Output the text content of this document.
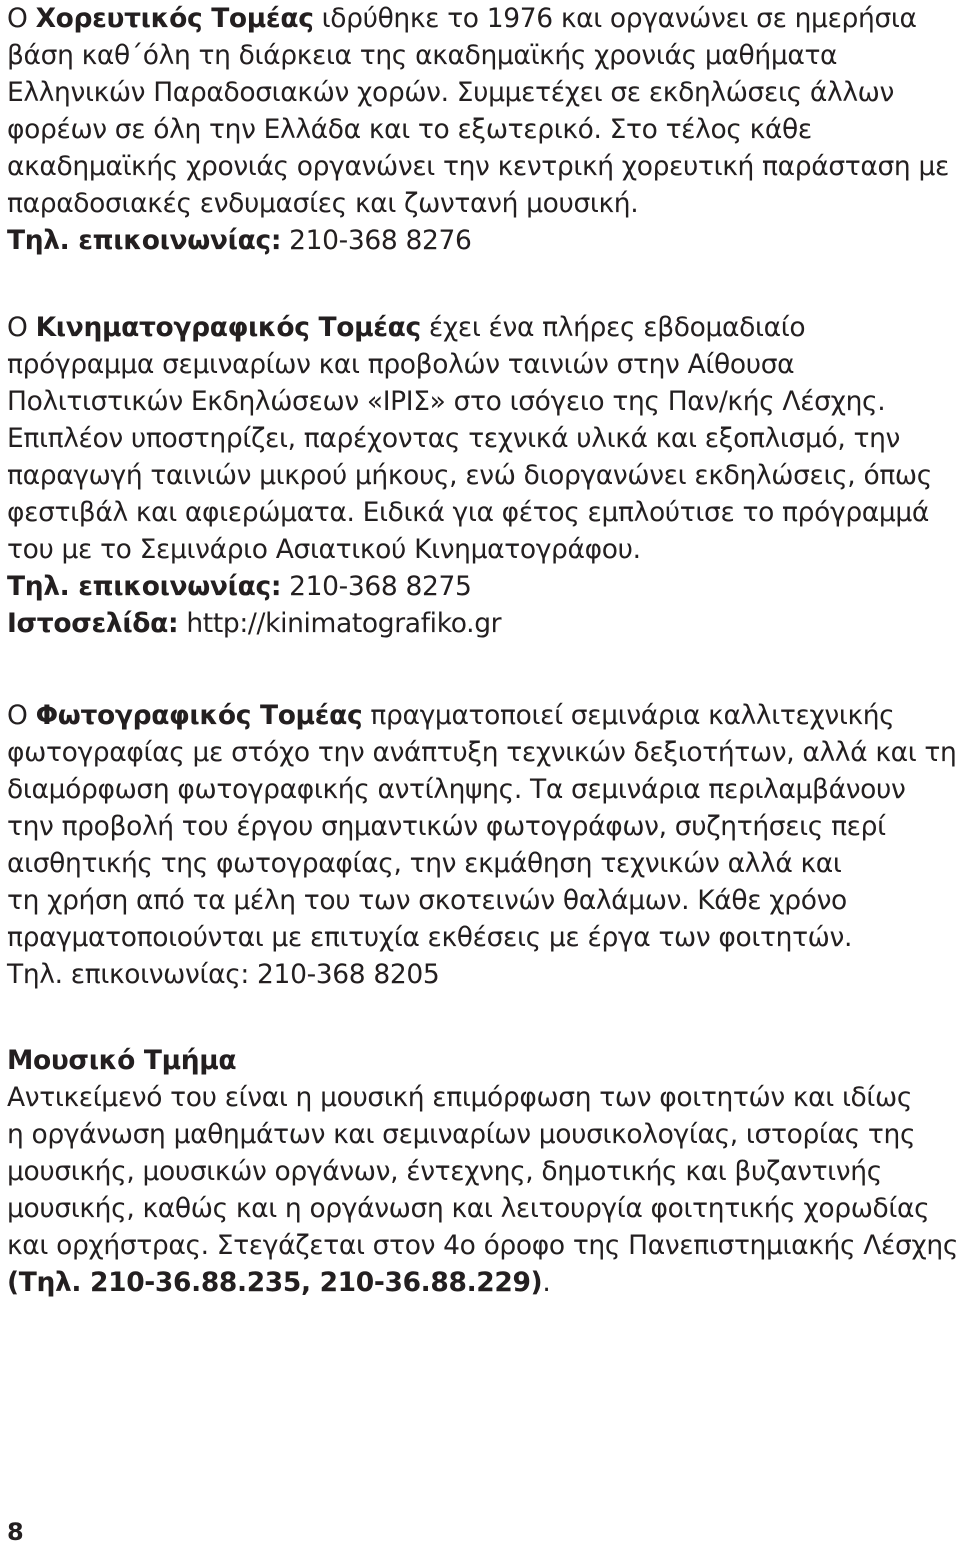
Ο Χορευτικός Τομέας ιδρύθηκε το 1976 και οργανώνει σε ημερήσια
βάση καθ΄όλη τη διάρκεια της ακαδημαϊκής χρονιάς μαθήματα
Ελληνικών Παραδοσιακών χορών. Συμμετέχει σε εκδηλώσεις άλλων
φορέων σε όλη την Ελλάδα και το εξωτερικό. Στο τέλος κάθε
ακαδημαϊκής χρονιάς οργανώνει την κεντρική χορευτική παράσταση με
παραδοσιακές ενδυμασίες και ζωντανή μουσική.
Τηλ. επικοινωνίας: 210-368 8276
Ο Κινηματογραφικός Τομέας έχει ένα πλήρες εβδομαδιαίο
πρόγραμμα σεμιναρίων και προβολών ταινιών στην Αίθουσα
Πολιτιστικών Εκδηλώσεων «ΙΡΙΣ» στο ισόγειο της Παν/κής Λέσχης.
Επιπλέον υποστηρίζει, παρέχοντας τεχνικά υλικά και εξοπλισμό, την
παραγωγή ταινιών μικρού μήκους, ενώ διοργανώνει εκδηλώσεις, όπως
φεστιβάλ και αφιερώματα. Ειδικά για φέτος εμπλούτισε το πρόγραμμά
του με το Σεμινάριο Ασιατικού Κινηματογράφου.
Τηλ. επικοινωνίας: 210-368 8275
Ιστοσελίδα: http://kinimatografiko.gr
Ο Φωτογραφικός Τομέας πραγματοποιεί σεμινάρια καλλιτεχνικής
φωτογραφίας με στόχο την ανάπτυξη τεχνικών δεξιοτήτων, αλλά και τη
διαμόρφωση φωτογραφικής αντίληψης. Τα σεμινάρια περιλαμβάνουν
την προβολή του έργου σημαντικών φωτογράφων, συζητήσεις περί
αισθητικής της φωτογραφίας, την εκμάθηση τεχνικών αλλά και
τη χρήση από τα μέλη του των σκοτεινών θαλάμων. Κάθε χρόνο
πραγματοποιούνται με επιτυχία εκθέσεις με έργα των φοιτητών.
Τηλ. επικοινωνίας: 210-368 8205
Μουσικό Τμήμα
Αντικείμενό του είναι η μουσική επιμόρφωση των φοιτητών και ιδίως
η οργάνωση μαθημάτων και σεμιναρίων μουσικολογίας, ιστορίας της
μουσικής, μουσικών οργάνων, έντεχνης, δημοτικής και βυζαντινής
μουσικής, καθώς και η οργάνωση και λειτουργία φοιτητικής χορωδίας
και ορχήστρας. Στεγάζεται στον 4ο όροφο της Πανεπιστημιακής Λέσχης
(Τηλ. 210-36.88.235, 210-36.88.229).
8
